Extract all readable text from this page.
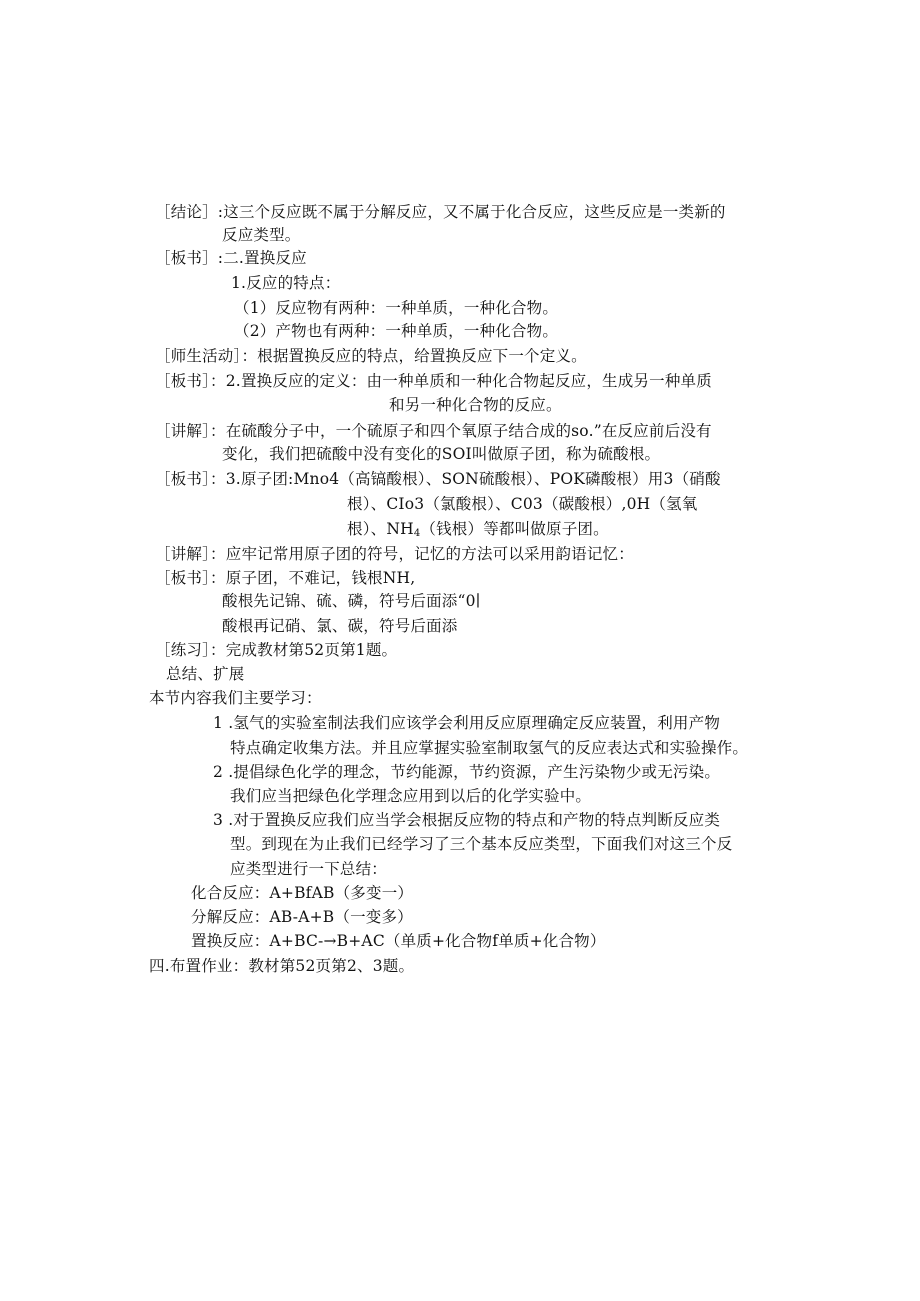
［结论］:这三个反应既不属于分解反应，又不属于化合反应，这些反应是一类新的
反应类型。
［板书］:二.置换反应
1.反应的特点：
（1）反应物有两种：一种单质，一种化合物。
（2）产物也有两种：一种单质，一种化合物。
［师生活动］：根据置换反应的特点，给置换反应下一个定义。
［板书］：2.置换反应的定义：由一种单质和一种化合物起反应，生成另一种单质
和另一种化合物的反应。
［讲解］：在硫酸分子中，一个硫原子和四个氧原子结合成的so.”在反应前后没有
变化，我们把硫酸中没有变化的SOI叫做原子团，称为硫酸根。
［板书］：3.原子团:Mno4（高镐酸根）、SON硫酸根）、POK磷酸根）用3（硝酸
根）、CIo3（氯酸根）、C03（碳酸根）,0H（氢氧
根）、$NH_4$（钱根）等都叫做原子团。
［讲解］：应牢记常用原子团的符号，记忆的方法可以采用韵语记忆：
［板书］：原子团，不难记，钱根NH,
酸根先记锦、硫、磷，符号后面添“0∣
酸根再记硝、氯、碳，符号后面添
［练习］：完成教材第52页第1题。
总结、扩展
本节内容我们主要学习：
1 .氢气的实验室制法我们应该学会利用反应原理确定反应装置，利用产物
特点确定收集方法。并且应掌握实验室制取氢气的反应表达式和实验操作。
2 .提倡绿色化学的理念，节约能源，节约资源，产生污染物少或无污染。
我们应当把绿色化学理念应用到以后的化学实验中。
3 .对于置换反应我们应当学会根据反应物的特点和产物的特点判断反应类
型。到现在为止我们已经学习了三个基本反应类型，下面我们对这三个反
应类型进行一下总结：
化合反应：A+BfAB（多变一）
分解反应：AB-A+B（一变多）
置换反应：A+BC-→B+AC（单质+化合物f单质+化合物）
四.布置作业：教材第52页第2、3题。
